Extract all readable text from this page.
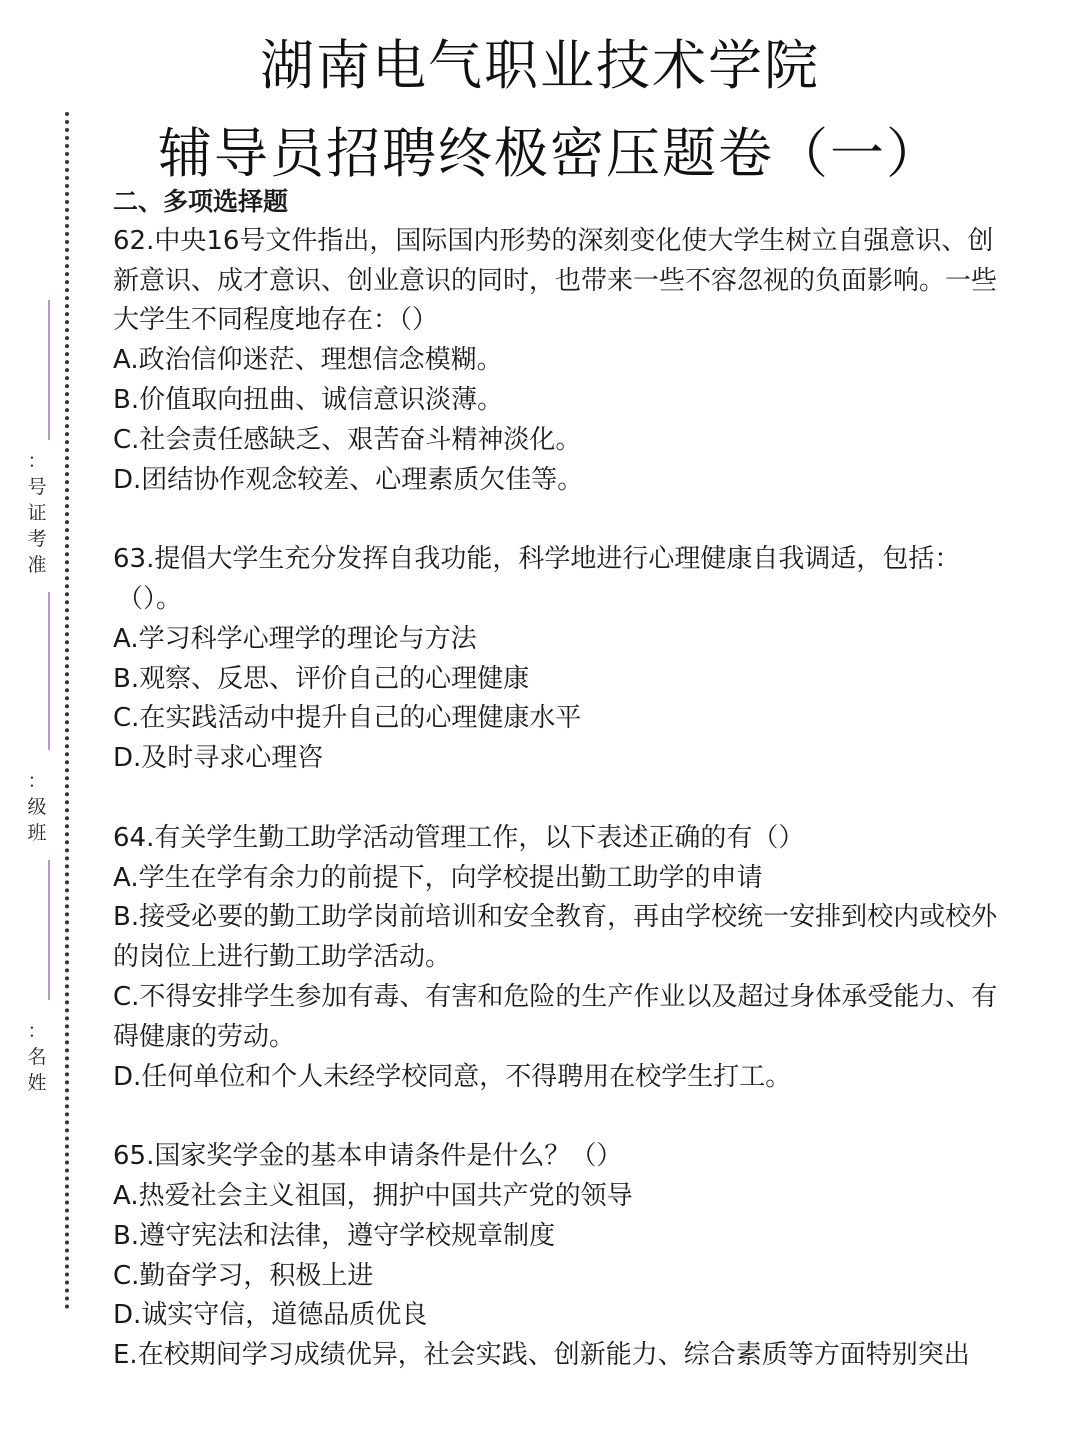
湖南电气职业技术学院
辅导员招聘终极密压题卷（一）
：
号
证
考
准
：
级
班
：
名
姓

二、多项选择题

62.中央16号文件指出，国际国内形势的深刻变化使大学生树立自强意识、创

新意识、成才意识、创业意识的同时，也带来一些不容忽视的负面影响。一些

大学生不同程度地存在：（）

A.政治信仰迷茫、理想信念模糊。

B.价值取向扭曲、诚信意识淡薄。

C.社会责任感缺乏、艰苦奋斗精神淡化。

D.团结协作观念较差、心理素质欠佳等。

63.提倡大学生充分发挥自我功能，科学地进行心理健康自我调适，包括：

（）。

A.学习科学心理学的理论与方法

B.观察、反思、评价自己的心理健康

C.在实践活动中提升自己的心理健康水平

D.及时寻求心理咨

64.有关学生勤工助学活动管理工作，以下表述正确的有（）

A.学生在学有余力的前提下，向学校提出勤工助学的申请

B.接受必要的勤工助学岗前培训和安全教育，再由学校统一安排到校内或校外

的岗位上进行勤工助学活动。

C.不得安排学生参加有毒、有害和危险的生产作业以及超过身体承受能力、有

碍健康的劳动。

D.任何单位和个人未经学校同意，不得聘用在校学生打工。

65.国家奖学金的基本申请条件是什么？（）

A.热爱社会主义祖国，拥护中国共产党的领导

B.遵守宪法和法律，遵守学校规章制度

C.勤奋学习，积极上进

D.诚实守信，道德品质优良

E.在校期间学习成绩优异，社会实践、创新能力、综合素质等方面特别突出
